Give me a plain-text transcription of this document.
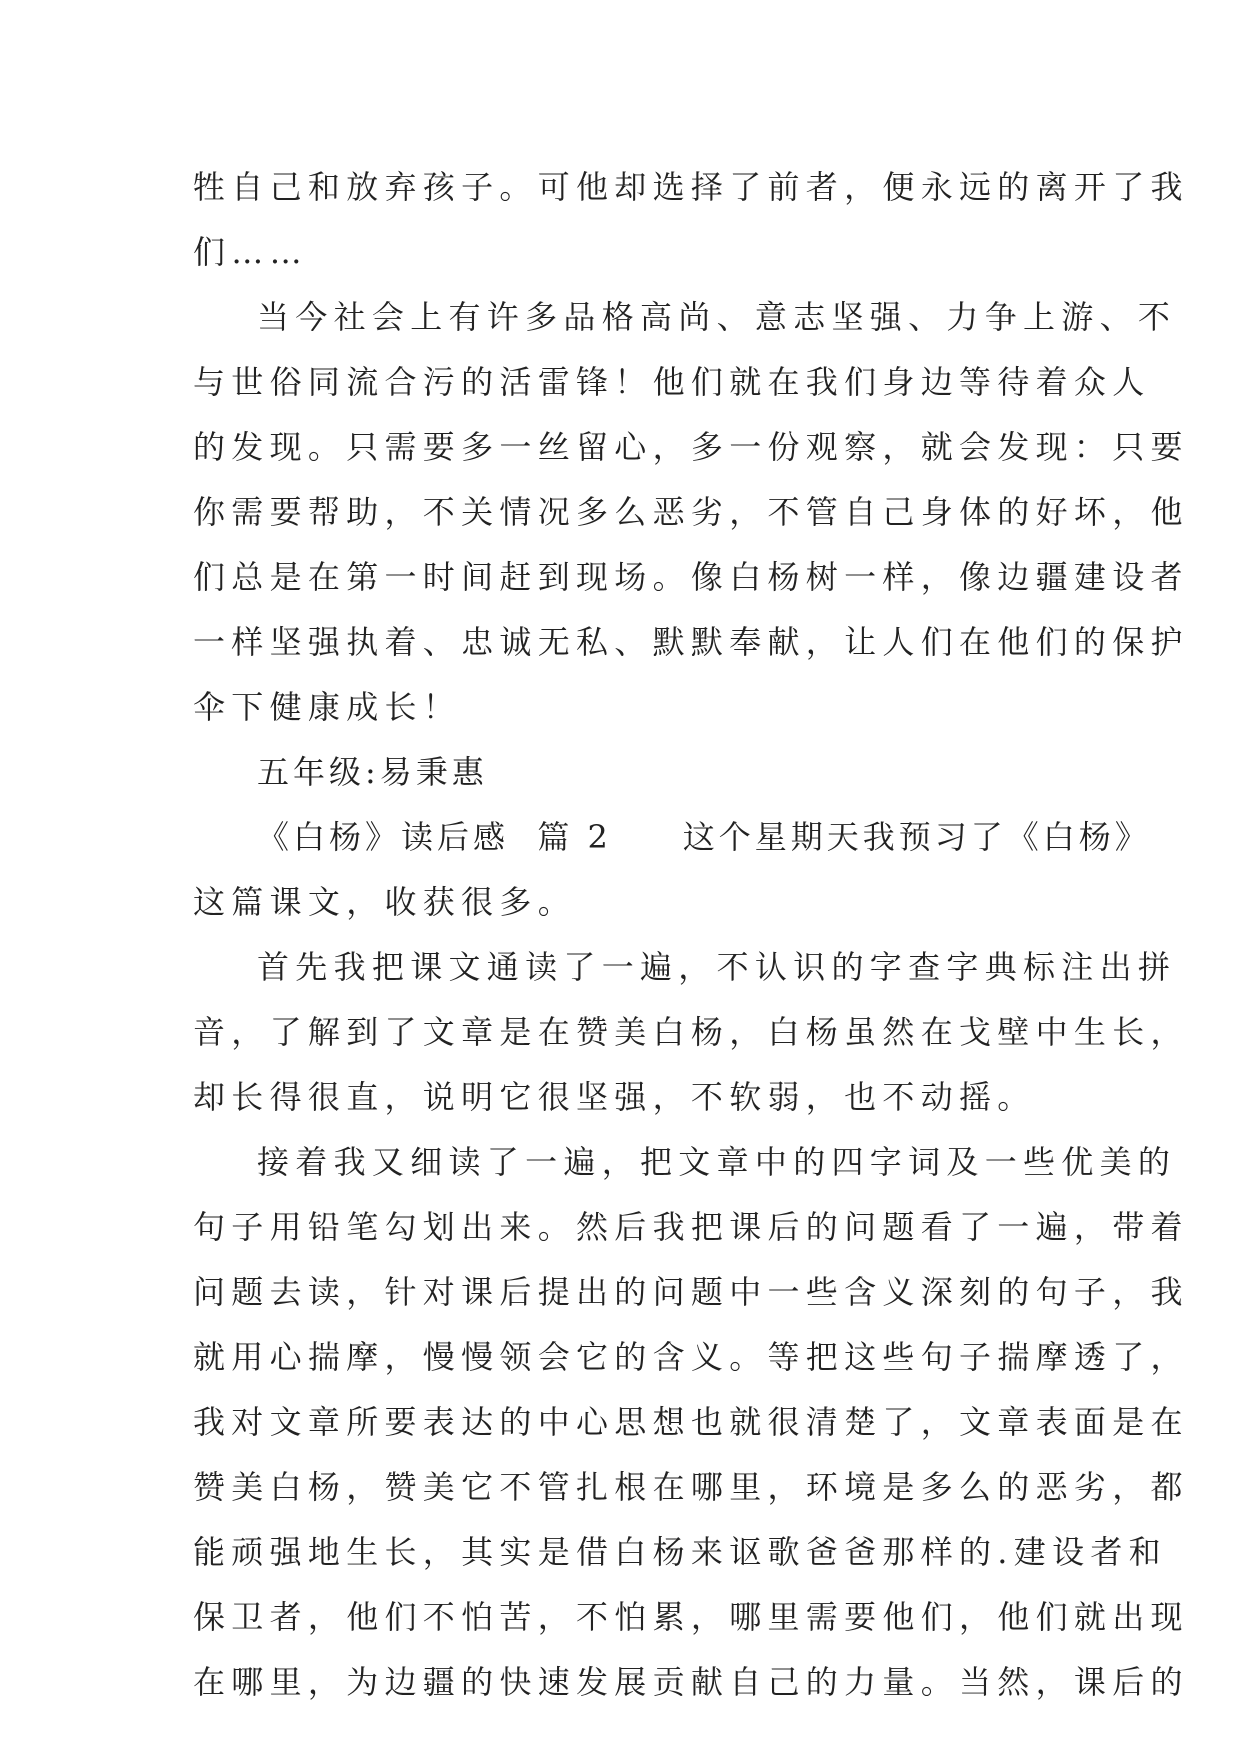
牲自己和放弃孩子。可他却选择了前者，便永远的离开了我
们……
当今社会上有许多品格高尚、意志坚强、力争上游、不
与世俗同流合污的活雷锋！他们就在我们身边等待着众人
的发现。只需要多一丝留心，多一份观察，就会发现：只要
你需要帮助，不关情况多么恶劣，不管自己身体的好坏，他
们总是在第一时间赶到现场。像白杨树一样，像边疆建设者
一样坚强执着、忠诚无私、默默奉献，让人们在他们的保护
伞下健康成长！
五年级:易秉惠
《白杨》读后感  篇 2     这个星期天我预习了《白杨》
这篇课文，收获很多。
首先我把课文通读了一遍，不认识的字查字典标注出拼
音，了解到了文章是在赞美白杨，白杨虽然在戈壁中生长，
却长得很直，说明它很坚强，不软弱，也不动摇。
接着我又细读了一遍，把文章中的四字词及一些优美的
句子用铅笔勾划出来。然后我把课后的问题看了一遍，带着
问题去读，针对课后提出的问题中一些含义深刻的句子，我
就用心揣摩，慢慢领会它的含义。等把这些句子揣摩透了，
我对文章所要表达的中心思想也就很清楚了，文章表面是在
赞美白杨，赞美它不管扎根在哪里，环境是多么的恶劣，都
能顽强地生长，其实是借白杨来讴歌爸爸那样的.建设者和
保卫者，他们不怕苦，不怕累，哪里需要他们，他们就出现
在哪里，为边疆的快速发展贡献自己的力量。当然，课后的
